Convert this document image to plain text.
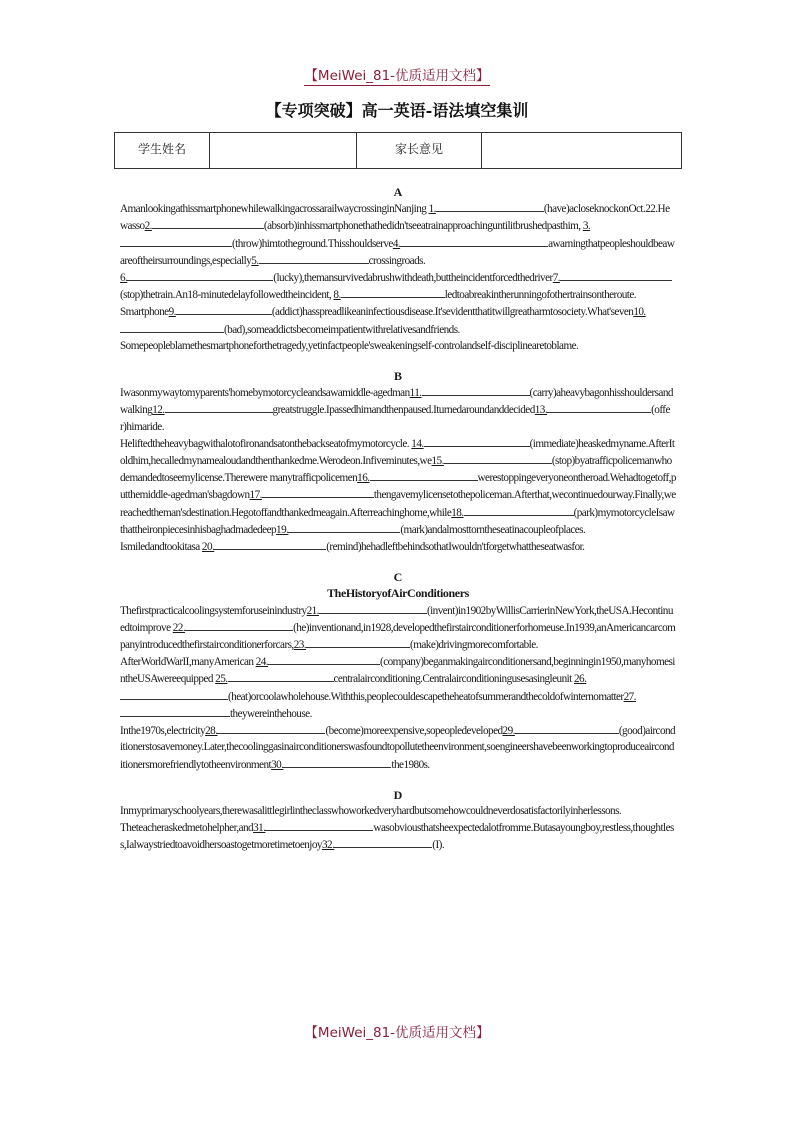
【MeiWei_81-优质适用文档】
【专项突破】高一英语-语法填空集训
学生姓名		家长意见	
A

AmanlookingathissmartphonewhilewalkingacrossarailwaycrossinginNanjing 1.	(have)acloseknockonOct.22.Hewasso2.	(absorb)inhissmartphonethathedidn'tseeatrainapproachinguntilitbrushedpasthim, 3.(throw)himtotheground.Thisshouldserve4.	awarningthatpeopleshouldbeawareoftheirsurroundings,especially5.	crossingroads.

6.	(lucky),themansurvivedabrushwithdeath,buttheincidentforcedthedriver7.(stop)thetrain.An18-minutedelayfollowedtheincident, 8.	ledtoabreakintherunningofothertrainsontheroute.

Smartphone9.	(addict)hasspreadlikeaninfectiousdisease.It'sevidentthatitwillgreatharmtosociety.What'seven10.(bad),someaddictsbecomeimpatientwithrelativesandfriends.

Somepeopleblamethesmartphoneforthetragedy,yetinfactpeople'sweakeningself-controlandself-disciplinearetoblame.

B

Iwasonmywaytomyparents'homebymotorcycleandsawamiddle-agedman11.	(carry)aheavybagonhisshouldersandwalking12.	greatstruggle.Ipassedhimandthenpaused.Iturnedaroundanddecided13.	(offer)himaride.

Heliftedtheheavybagwithalotofironandsatonthebackseatofmymotorcycle. 14.	(immediate)heaskedmyname.AfterItoldhim,hecalledmynamealoudandthenthankedme.Werodeon.Infiveminutes,we15.	(stop)byatrafficpolicemanwhodemandedtoseemylicense.Therewere manytrafficpolicemen16.	werestoppingeveryoneontheroad.Wehadtogetoff,putthemiddle-agedman'sbagdown17.	thengavemylicensetothepoliceman.Afterthat,wecontinuedourway.Finally,wereachedtheman'sdestination.Hegotoffandthankedmeagain.Afterreachinghome,while18.	(park)mymotorcycleIsawthattheironpiecesinhisbaghadmadedeep19.	(mark)andalmosttornthesеatinacoupleofplaces.

Ismiledandtookitasa 20.	(remind)hehadleftbehindsothatIwouldn'tforgetwhattheseatwasfor.

C
TheHistoryofAirConditioners

Thefirstpracticalcoolingsystemforuseinindustry21.	(invent)in1902byWillisCarrierinNewYork,theUSA.Hecontinuedtoimprove 22.	(he)inventionand,in1928,developedthefirstairconditionerforhomeuse.In1939,anAmericancarcompanyintroducedthefirstairconditionerforcars,23.	(make)drivingmorecomfortable.

AfterWorldWarII,manyAmerican 24.	(company)beganmakingairconditionersand,beginningin1950,manyhomesintheUSAwereequipped 25.	centralairconditioning.Centralairconditioningusesasingleunit 26.(heat)orcoolawholehouse.Withthis,peoplecouldescapetheheatofsummerandthecoldofwinternomatter27.theywereinthehouse.

Inthe1970s,electricity28.	(become)moreexpensive,sopeopledeveloped29.	(good)airconditionerstosavemoney.Later,thecoolinggasinairconditionerswasfoundtopollutetheenvironment,soengineershavebeenworkingtoproduceairconditionersmorefriendlytotheenvironment30.	the1980s.

D

Inmyprimaryschoolyears,therewasalittlegirlintheclasswhoworkedveryhardbutsomehowcouldneverdosatisfactorilyinherlessons.

Theteacheraskedmetohelpher,and31.	wasobviousthatsheexpectedalotfromme.Butasayoungboy,restless,thoughtless,Ialwaystriedtoavoidhersoastogetmoretimetoenjoy32.	(I).

【MeiWei_81-优质适用文档】
